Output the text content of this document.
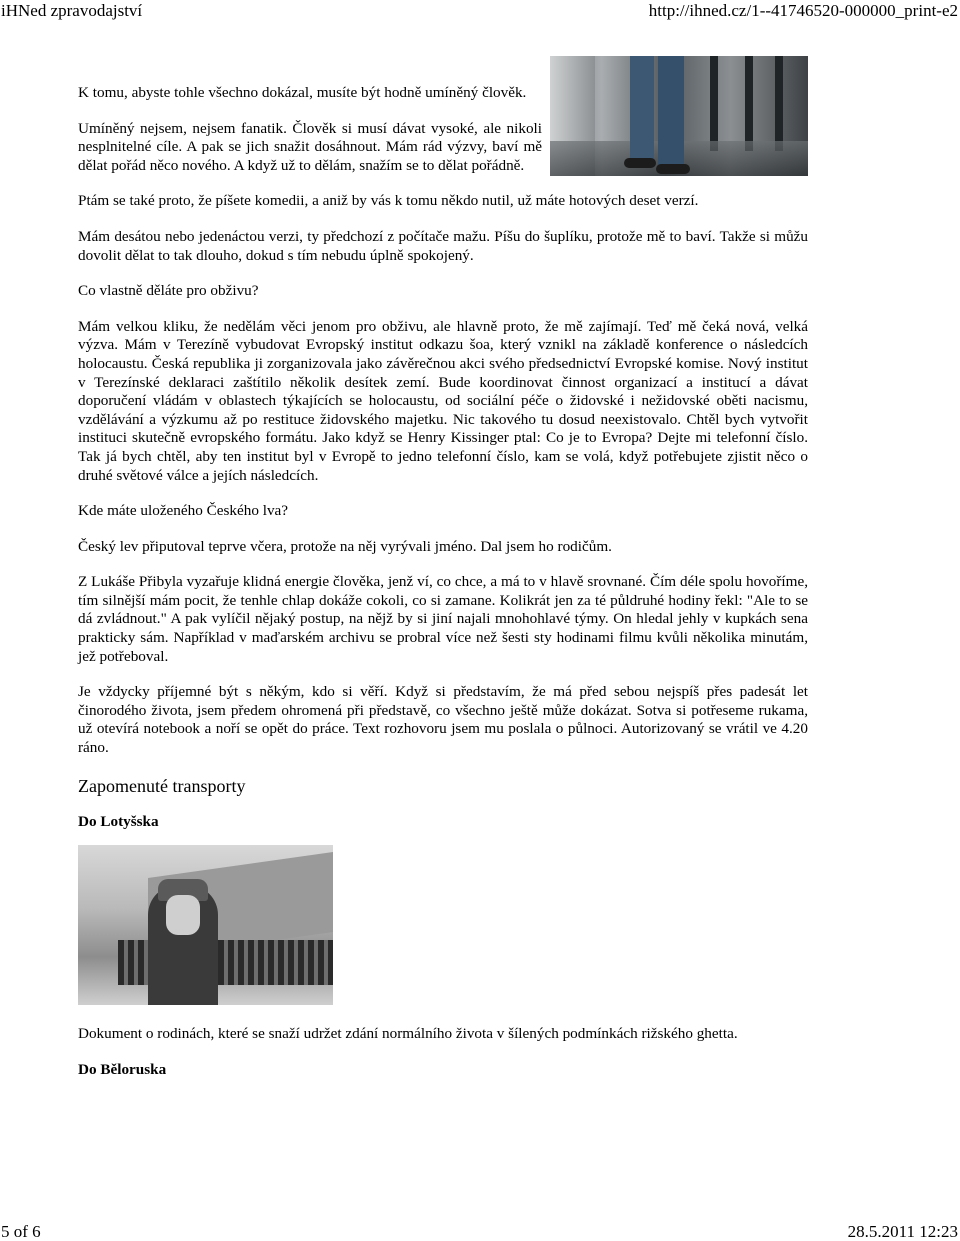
iHNed zpravodajství	http://ihned.cz/1--41746520-000000_print-e2

K tomu, abyste tohle všechno dokázal, musíte být hodně umíněný člověk.

Umíněný nejsem, nejsem fanatik. Člověk si musí dávat vysoké, ale nikoli nesplnitelné cíle. A pak se jich snažit dosáhnout. Mám rád výzvy, baví mě dělat pořád něco nového. A když už to dělám, snažím se to dělat pořádně.

Ptám se také proto, že píšete komedii, a aniž by vás k tomu někdo nutil, už máte hotových deset verzí.

Mám desátou nebo jedenáctou verzi, ty předchozí z počítače mažu. Píšu do šuplíku, protože mě to baví. Takže si můžu dovolit dělat to tak dlouho, dokud s tím nebudu úplně spokojený.

Co vlastně děláte pro obživu?

Mám velkou kliku, že nedělám věci jenom pro obživu, ale hlavně proto, že mě zajímají. Teď mě čeká nová, velká výzva. Mám v Terezíně vybudovat Evropský institut odkazu šoa, který vznikl na základě konference o následcích holocaustu. Česká republika ji zorganizovala jako závěrečnou akci svého předsednictví Evropské komise. Nový institut v Terezínské deklaraci zaštítilo několik desítek zemí. Bude koordinovat činnost organizací a institucí a dávat doporučení vládám v oblastech týkajících se holocaustu, od sociální péče o židovské i nežidovské oběti nacismu, vzdělávání a výzkumu až po restituce židovského majetku. Nic takového tu dosud neexistovalo. Chtěl bych vytvořit instituci skutečně evropského formátu. Jako když se Henry Kissinger ptal: Co je to Evropa? Dejte mi telefonní číslo. Tak já bych chtěl, aby ten institut byl v Evropě to jedno telefonní číslo, kam se volá, když potřebujete zjistit něco o druhé světové válce a jejích následcích.

Kde máte uloženého Českého lva?

Český lev připutoval teprve včera, protože na něj vyrývali jméno. Dal jsem ho rodičům.

Z Lukáše Přibyla vyzařuje klidná energie člověka, jenž ví, co chce, a má to v hlavě srovnané. Čím déle spolu hovoříme, tím silnější mám pocit, že tenhle chlap dokáže cokoli, co si zamane. Kolikrát jen za té půldruhé hodiny řekl: "Ale to se dá zvládnout." A pak vylíčil nějaký postup, na nějž by si jiní najali mnohohlavé týmy. On hledal jehly v kupkách sena prakticky sám. Například v maďarském archivu se probral více než šesti sty hodinami filmu kvůli několika minutám, jež potřeboval.

Je vždycky příjemné být s někým, kdo si věří. Když si představím, že má před sebou nejspíš přes padesát let činorodého života, jsem předem ohromená při představě, co všechno ještě může dokázat. Sotva si potřeseme rukama, už otevírá notebook a noří se opět do práce. Text rozhovoru jsem mu poslala o půlnoci. Autorizovaný se vrátil ve 4.20 ráno.

Zapomenuté transporty
Do Lotyšska

Dokument o rodinách, které se snaží udržet zdání normálního života v šílených podmínkách rižského ghetta.

Do Běloruska
5 of 6	28.5.2011 12:23
